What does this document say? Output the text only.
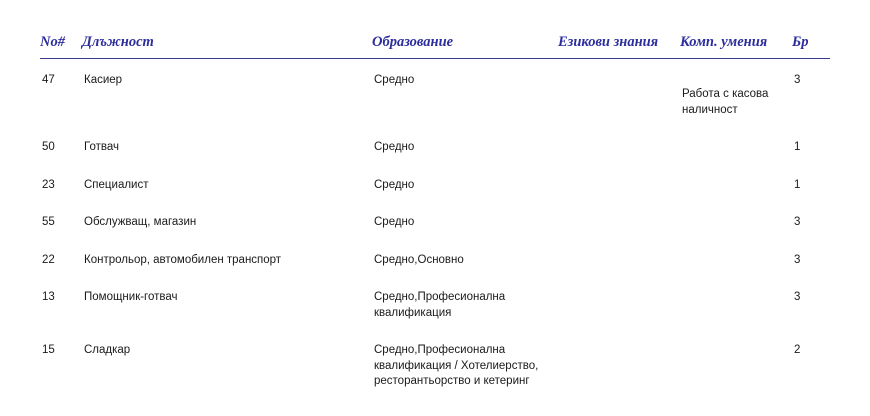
No#	Длъжност	Образование	Езикови знания	Комп. умения	Бр
47	Касиер	Средно		Работа с касова наличност	3
50	Готвач	Средно			1
23	Специалист	Средно			1
55	Обслужващ, магазин	Средно			3
22	Контрольор, автомобилен транспорт	Средно,Основно			3
13	Помощник-готвач	Средно,Професионална квалификация			3
15	Сладкар	Средно,Професионална квалификация / Хотелиерство, ресторантьорство и кетеринг			2
